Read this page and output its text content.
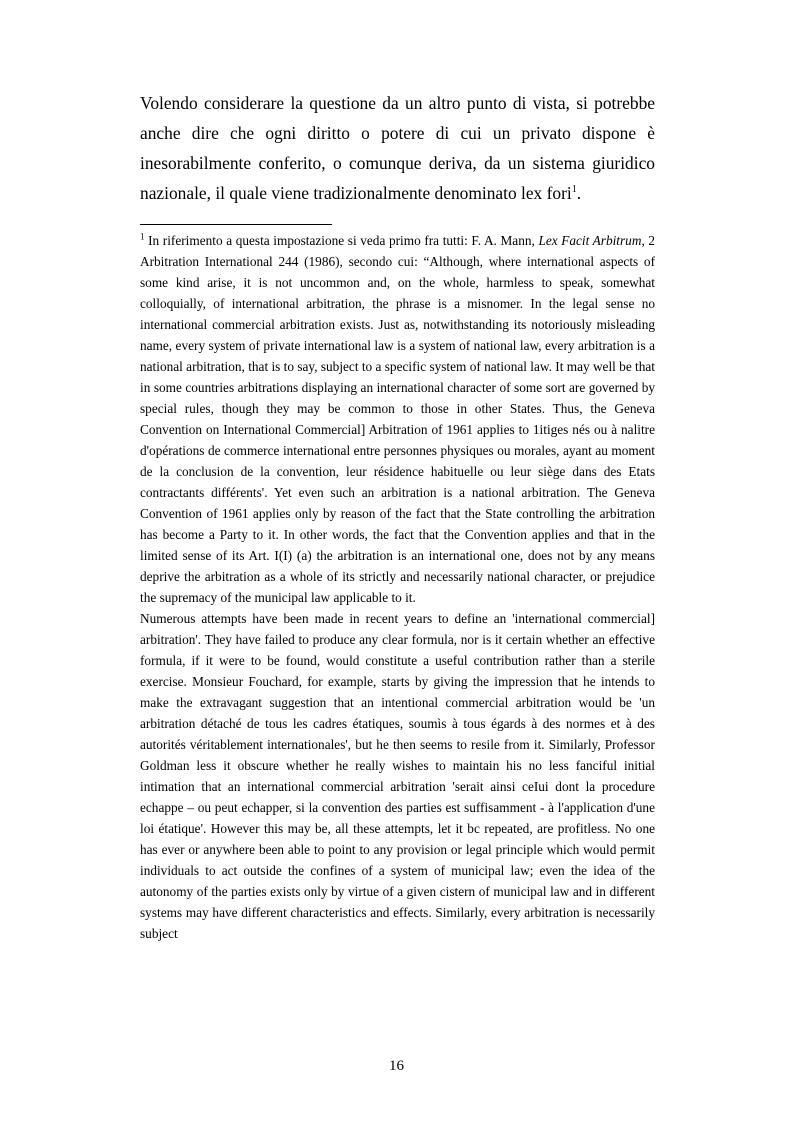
Volendo considerare la questione da un altro punto di vista, si potrebbe anche dire che ogni diritto o potere di cui un privato dispone è inesorabilmente conferito, o comunque deriva, da un sistema giuridico nazionale, il quale viene tradizionalmente denominato lex fori$^1$.

$^1$ In riferimento a questa impostazione si veda primo fra tutti: F. A. Mann, Lex Facit Arbitrum, 2 Arbitration International 244 (1986), secondo cui: “Although, where international aspects of some kind arise, it is not uncommon and, on the whole, harmless to speak, somewhat colloquially, of international arbitration, the phrase is a misnomer. In the legal sense no international commercial arbitration exists. Just as, notwithstanding its notoriously misleading name, every system of private international law is a system of national law, every arbitration is a national arbitration, that is to say, subject to a specific system of national law. It may well be that in some countries arbitrations displaying an international character of some sort are governed by special rules, though they may be common to those in other States. Thus, the Geneva Convention on International Commercial] Arbitration of 1961 applies to 1itiges nés ou à nalitre d'opérations de commerce international entre personnes physiques ou morales, ayant au moment de la conclusion de la convention, leur résidence habituelle ou leur siège dans des Etats contractants différents'. Yet even such an arbitration is a national arbitration. The Geneva Convention of 1961 applies only by reason of the fact that the State controlling the arbitration has become a Party to it. In other words, the fact that the Convention applies and that in the limited sense of its Art. I(I) (a) the arbitration is an international one, does not by any means deprive the arbitration as a whole of its strictly and necessarily national character, or prejudice the supremacy of the municipal law applicable to it.

Numerous attempts have been made in recent years to define an 'international commercial] arbitration'. They have failed to produce any clear formula, nor is it certain whether an effective formula, if it were to be found, would constitute a useful contribution rather than a sterile exercise. Monsieur Fouchard, for example, starts by giving the impression that he intends to make the extravagant suggestion that an intentional commercial arbitration would be 'un arbitration détaché de tous les cadres étatiques, soumìs à tous égards à des normes et à des autorités véritablement internationales', but he then seems to resile from it. Similarly, Professor Goldman less it obscure whether he really wishes to maintain his no less fanciful initial intimation that an international commercial arbitration 'serait ainsi ceIui dont la procedure echappe – ou peut echapper, si la convention des parties est suffisamment - à l'application d'une loi étatique'. However this may be, all these attempts, let it bc repeated, are profitless. No one has ever or anywhere been able to point to any provision or legal principle which would permit individuals to act outside the confines of a system of municipal law; even the idea of the autonomy of the parties exists only by virtue of a given cistern of municipal law and in different systems may have different characteristics and effects. Similarly, every arbitration is necessarily subject

16
